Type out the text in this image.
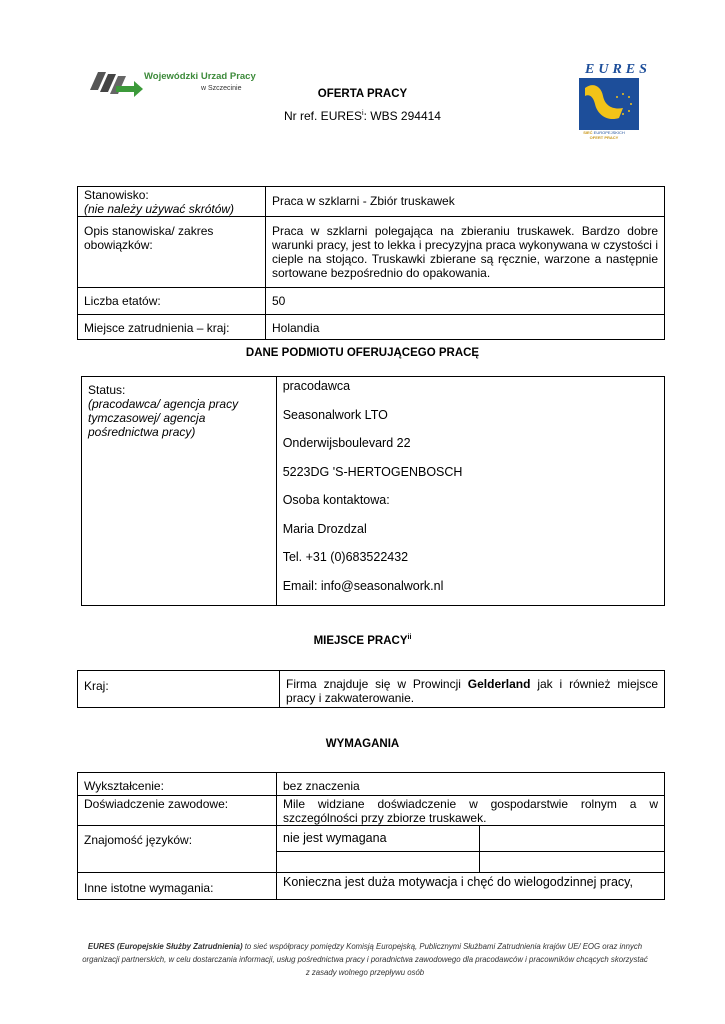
Wojewódzki Urzad Pracy
w Szczecinie
EURES
SIEĆ EUROPEJSKICH
OFERT PRACY
OFERTA PRACY
Nr ref. EURES$^i$: WBS 294414
Stanowisko:
(nie należy używać skrótów)	Praca w szklarni - Zbiór truskawek
Opis stanowiska/ zakres obowiązków:	Praca w szklarni polegająca na zbieraniu truskawek. Bardzo dobre warunki pracy, jest to lekka i precyzyjna praca wykonywana w czystości i cieple na stojąco. Truskawki zbierane są ręcznie, warzone a następnie sortowane bezpośrednio do opakowania.
Liczba etatów:	50
Miejsce zatrudnienia – kraj:	Holandia
DANE PODMIOTU OFERUJĄCEGO PRACĘ
Status:
(pracodawca/ agencja pracy tymczasowej/ agencja pośrednictwa pracy)

pracodawca
Seasonalwork LTO
Onderwijsboulevard 22
5223DG 'S-HERTOGENBOSCH
Osoba kontaktowa:
Maria Drozdzal
Tel. +31 (0)683522432
Email: info@seasonalwork.nl
MIEJSCE PRACY$^{ii}$
Kraj:	Firma znajduje się w Prowincji Gelderland jak i również miejsce pracy i zakwaterowanie.
WYMAGANIA
Wykształcenie:	bez znaczenia	
Doświadczenie zawodowe:	Mile widziane doświadczenie w gospodarstwie rolnym a w szczególności przy zbiorze truskawek.	
Znajomość języków:	nie jest wymagana	

Inne istotne wymagania:	Konieczna jest duża motywacja i chęć do wielogodzinnej pracy,	
EURES (Europejskie Służby Zatrudnienia) to sieć współpracy pomiędzy Komisją Europejską, Publicznymi Służbami Zatrudnienia krajów UE/ EOG oraz innych organizacji partnerskich, w celu dostarczania informacji, usług pośrednictwa pracy i poradnictwa zawodowego dla pracodawców i pracowników chcących skorzystać z zasady wolnego przepływu osób
